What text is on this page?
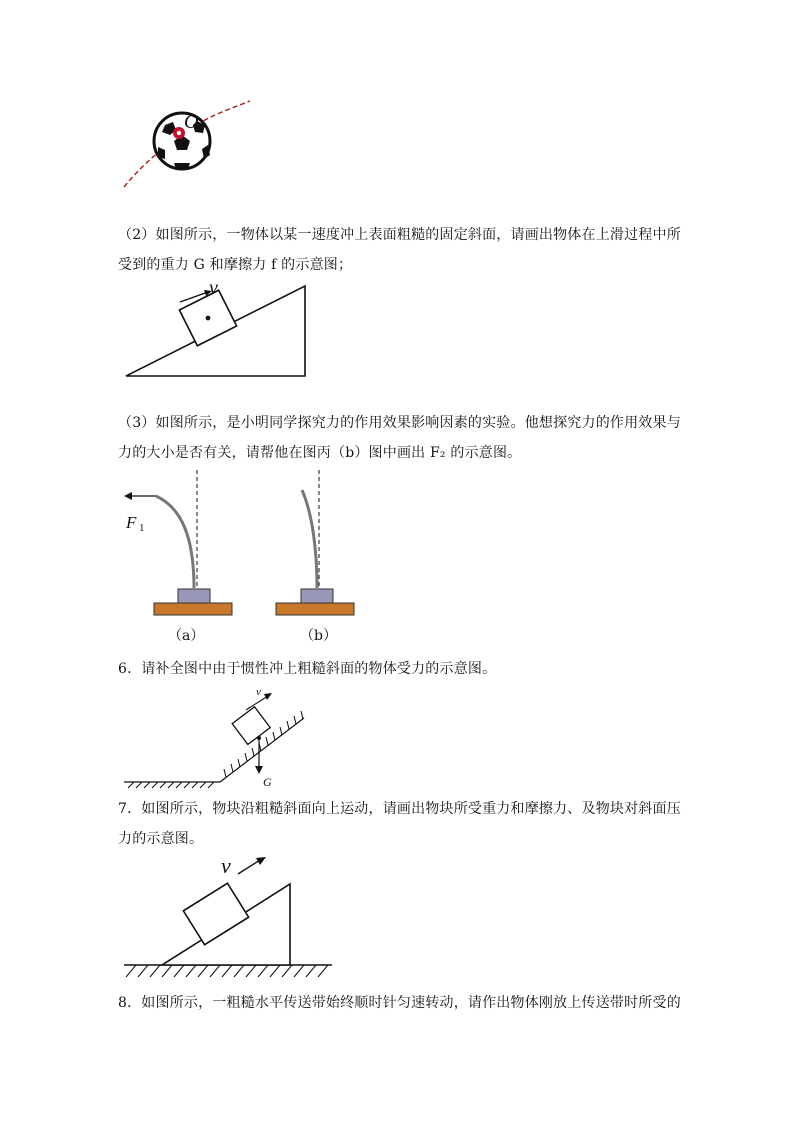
O
（2）如图所示，一物体以某一速度冲上表面粗糙的固定斜面，请画出物体在上滑过程中所受到的重力 G 和摩擦力 f 的示意图；
v
（3）如图所示，是小明同学探究力的作用效果影响因素的实验。他想探究力的作用效果与力的大小是否有关，请帮他在图丙（b）图中画出 F₂ 的示意图。
F 1
（a）	（b）
6．请补全图中由于惯性冲上粗糙斜面的物体受力的示意图。
G
v
7．如图所示，物块沿粗糙斜面向上运动，请画出物块所受重力和摩擦力、及物块对斜面压力的示意图。
v
8．如图所示，一粗糙水平传送带始终顺时针匀速转动，请作出物体刚放上传送带时所受的
